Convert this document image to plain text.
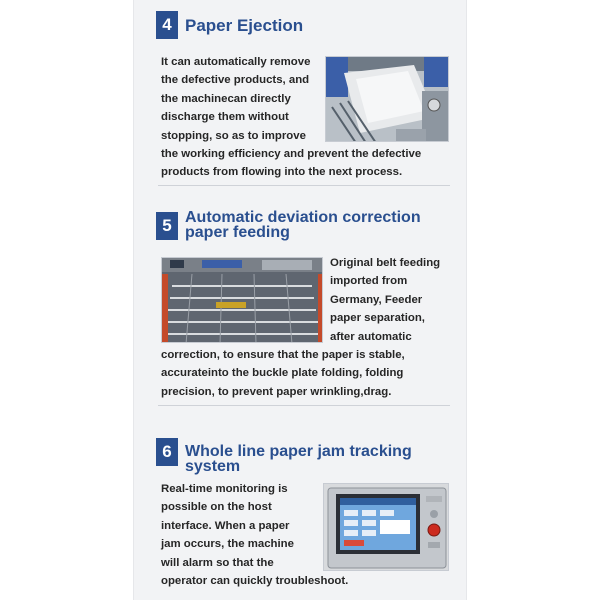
4 Paper Ejection
It can automatically remove
the defective products, and
the machinecan directly
discharge them without
stopping, so as to improve
the working efficiency and prevent the defective
products from flowing into the next process.
5 Automatic deviation correction
paper feeding
Original belt feeding
imported from
Germany, Feeder
paper separation,
after automatic
correction, to ensure that the paper is stable,
accurateinto the buckle plate folding, folding
precision, to prevent paper wrinkling,drag.
6 Whole line paper jam tracking
system
Real-time monitoring is
possible on the host
interface. When a paper
jam occurs, the machine
will alarm so that the
operator can quickly troubleshoot.
